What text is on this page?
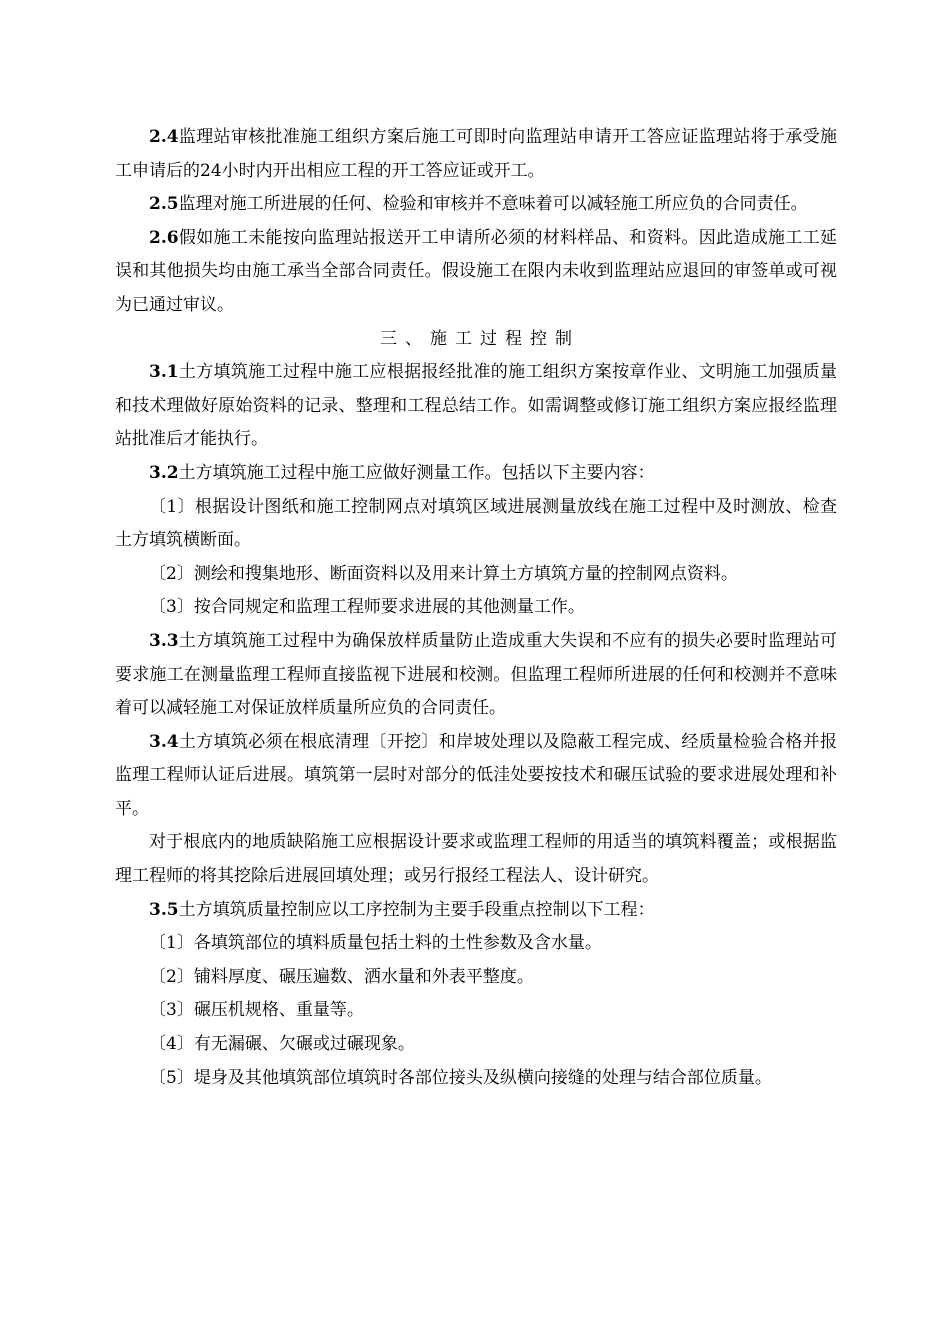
2.4监理站审核批准施工组织方案后施工可即时向监理站申请开工答应证监理站将于承受施工申请后的24小时内开出相应工程的开工答应证或开工。

2.5监理对施工所进展的任何、检验和审核并不意味着可以减轻施工所应负的合同责任。

2.6假如施工未能按向监理站报送开工申请所必须的材料样品、和资料。因此造成施工工延误和其他损失均由施工承当全部合同责任。假设施工在限内未收到监理站应退回的审签单或可视为已通过审议。

三、施工过程控制

3.1土方填筑施工过程中施工应根据报经批准的施工组织方案按章作业、文明施工加强质量和技术理做好原始资料的记录、整理和工程总结工作。如需调整或修订施工组织方案应报经监理站批准后才能执行。

3.2土方填筑施工过程中施工应做好测量工作。包括以下主要内容：

〔1〕根据设计图纸和施工控制网点对填筑区域进展测量放线在施工过程中及时测放、检查土方填筑横断面。

〔2〕测绘和搜集地形、断面资料以及用来计算土方填筑方量的控制网点资料。

〔3〕按合同规定和监理工程师要求进展的其他测量工作。

3.3土方填筑施工过程中为确保放样质量防止造成重大失误和不应有的损失必要时监理站可要求施工在测量监理工程师直接监视下进展和校测。但监理工程师所进展的任何和校测并不意味着可以减轻施工对保证放样质量所应负的合同责任。

3.4土方填筑必须在根底清理〔开挖〕和岸坡处理以及隐蔽工程完成、经质量检验合格并报监理工程师认证后进展。填筑第一层时对部分的低洼处要按技术和碾压试验的要求进展处理和补平。

对于根底内的地质缺陷施工应根据设计要求或监理工程师的用适当的填筑料覆盖；或根据监理工程师的将其挖除后进展回填处理；或另行报经工程法人、设计研究。

3.5土方填筑质量控制应以工序控制为主要手段重点控制以下工程：

〔1〕各填筑部位的填料质量包括土料的土性参数及含水量。

〔2〕铺料厚度、碾压遍数、洒水量和外表平整度。

〔3〕碾压机规格、重量等。

〔4〕有无漏碾、欠碾或过碾现象。

〔5〕堤身及其他填筑部位填筑时各部位接头及纵横向接缝的处理与结合部位质量。
